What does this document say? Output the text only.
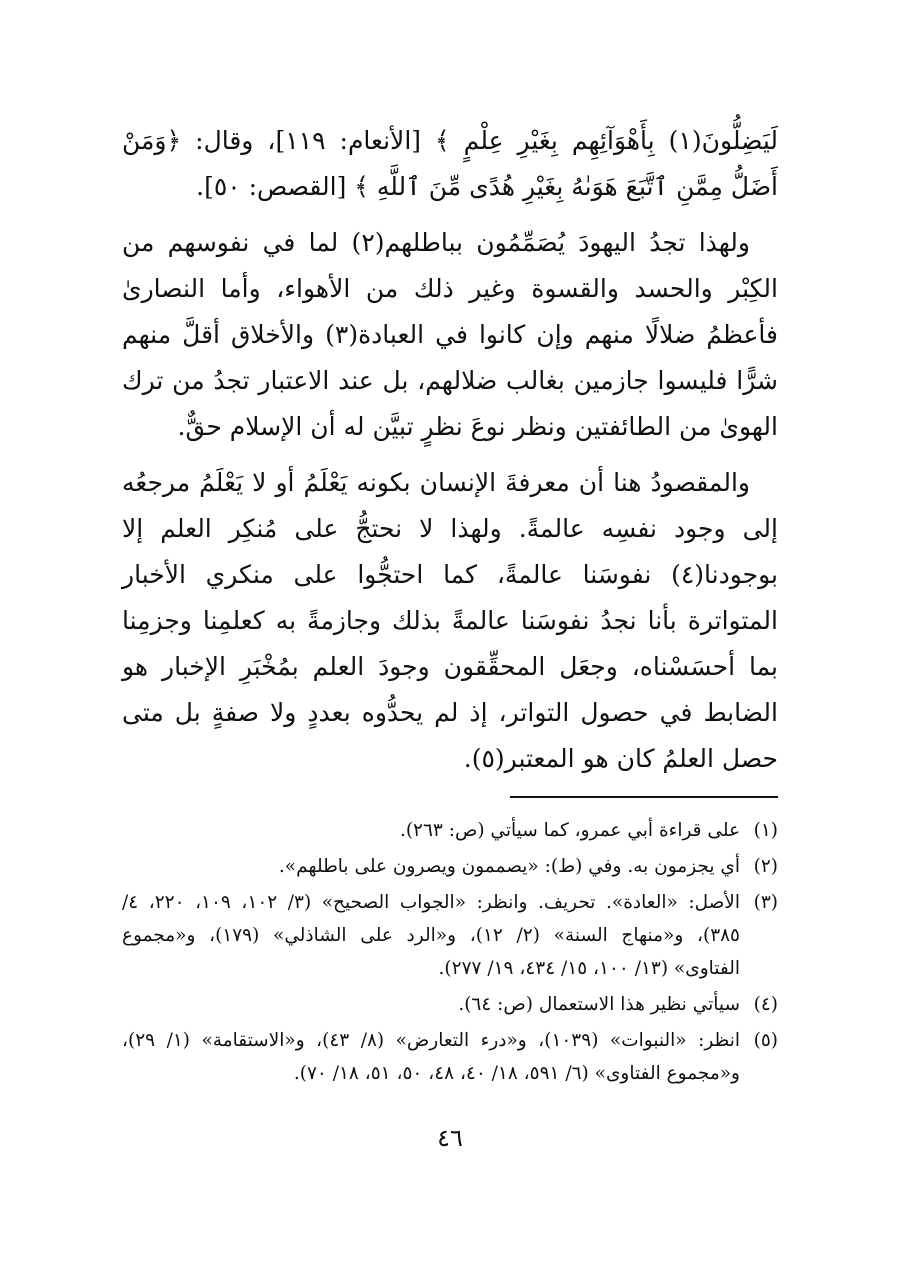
لَيَضِلُّونَ(١) بِأَهْوَآئِهِم بِغَيْرِ عِلْمٍ ﴾ [الأنعام: ١١٩]، وقال: ﴿وَمَنْ أَضَلُّ مِمَّنِ ٱتَّبَعَ هَوَىٰهُ بِغَيْرِ هُدًى مِّنَ ٱللَّهِ ﴾ [القصص: ٥٠].

ولهذا تجدُ اليهودَ يُصَمِّمُون بباطلهم(٢) لما في نفوسهم من الكِبْر والحسد والقسوة وغير ذلك من الأهواء، وأما النصارىٰ فأعظمُ ضلالًا منهم وإن كانوا في العبادة(٣) والأخلاق أقلَّ منهم شرًّا فليسوا جازمين بغالب ضلالهم، بل عند الاعتبار تجدُ من ترك الهوىٰ من الطائفتين ونظر نوعَ نظرٍ تبيَّن له أن الإسلام حقٌّ.

والمقصودُ هنا أن معرفةَ الإنسان بكونه يَعْلَمُ أو لا يَعْلَمُ مرجعُه إلى وجود نفسِه عالمةً. ولهذا لا نحتجُّ على مُنكِر العلم إلا بوجودنا(٤) نفوسَنا عالمةً، كما احتجُّوا على منكري الأخبار المتواترة بأنا نجدُ نفوسَنا عالمةً بذلك وجازمةً به كعلمِنا وجزمِنا بما أحسَسْناه، وجعَل المحقِّقون وجودَ العلم بمُخْبَرِ الإخبار هو الضابط في حصول التواتر، إذ لم يحدُّوه بعددٍ ولا صفةٍ بل متى حصل العلمُ كان هو المعتبر(٥).

(١)
على قراءة أبي عمرو، كما سيأتي (ص: ٢٦٣).
(٢)
أي يجزمون به. وفي (ط): «يصممون ويصرون على باطلهم».
(٣)
الأصل: «العادة». تحريف. وانظر: «الجواب الصحيح» (٣/ ١٠٢، ١٠٩، ٢٢٠، ٤/ ٣٨٥)، و«منهاج السنة» (٢/ ١٢)، و«الرد على الشاذلي» (١٧٩)، و«مجموع الفتاوى» (١٣/ ١٠٠، ١٥/ ٤٣٤، ١٩/ ٢٧٧).
(٤)
سيأتي نظير هذا الاستعمال (ص: ٦٤).
(٥)
انظر: «النبوات» (١٠٣٩)، و«درء التعارض» (٨/ ٤٣)، و«الاستقامة» (١/ ٢٩)، و«مجموع الفتاوى» (٦/ ٥٩١، ١٨/ ٤٠، ٤٨، ٥٠، ٥١، ١٨/ ٧٠).
٤٦
